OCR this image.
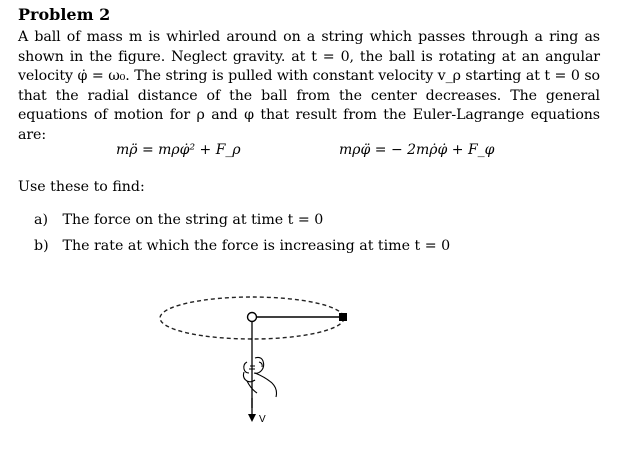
Problem 2

A ball of mass m is whirled around on a string which passes through a ring as shown in the figure. Neglect gravity. at t = 0, the ball is rotating at an angular velocity φ̇ = ω₀. The string is pulled with constant velocity v_ρ starting at t = 0 so that the radial distance of the ball from the center decreases. The general equations of motion for ρ and φ that result from the Euler-Lagrange equations are:

mρ̈ = mρφ̇² + F_ρ	mρφ̈ = − 2mρ̇φ̇ + F_φ
Use these to find:
a) The force on the string at time t = 0
b) The rate at which the force is increasing at time t = 0
V
